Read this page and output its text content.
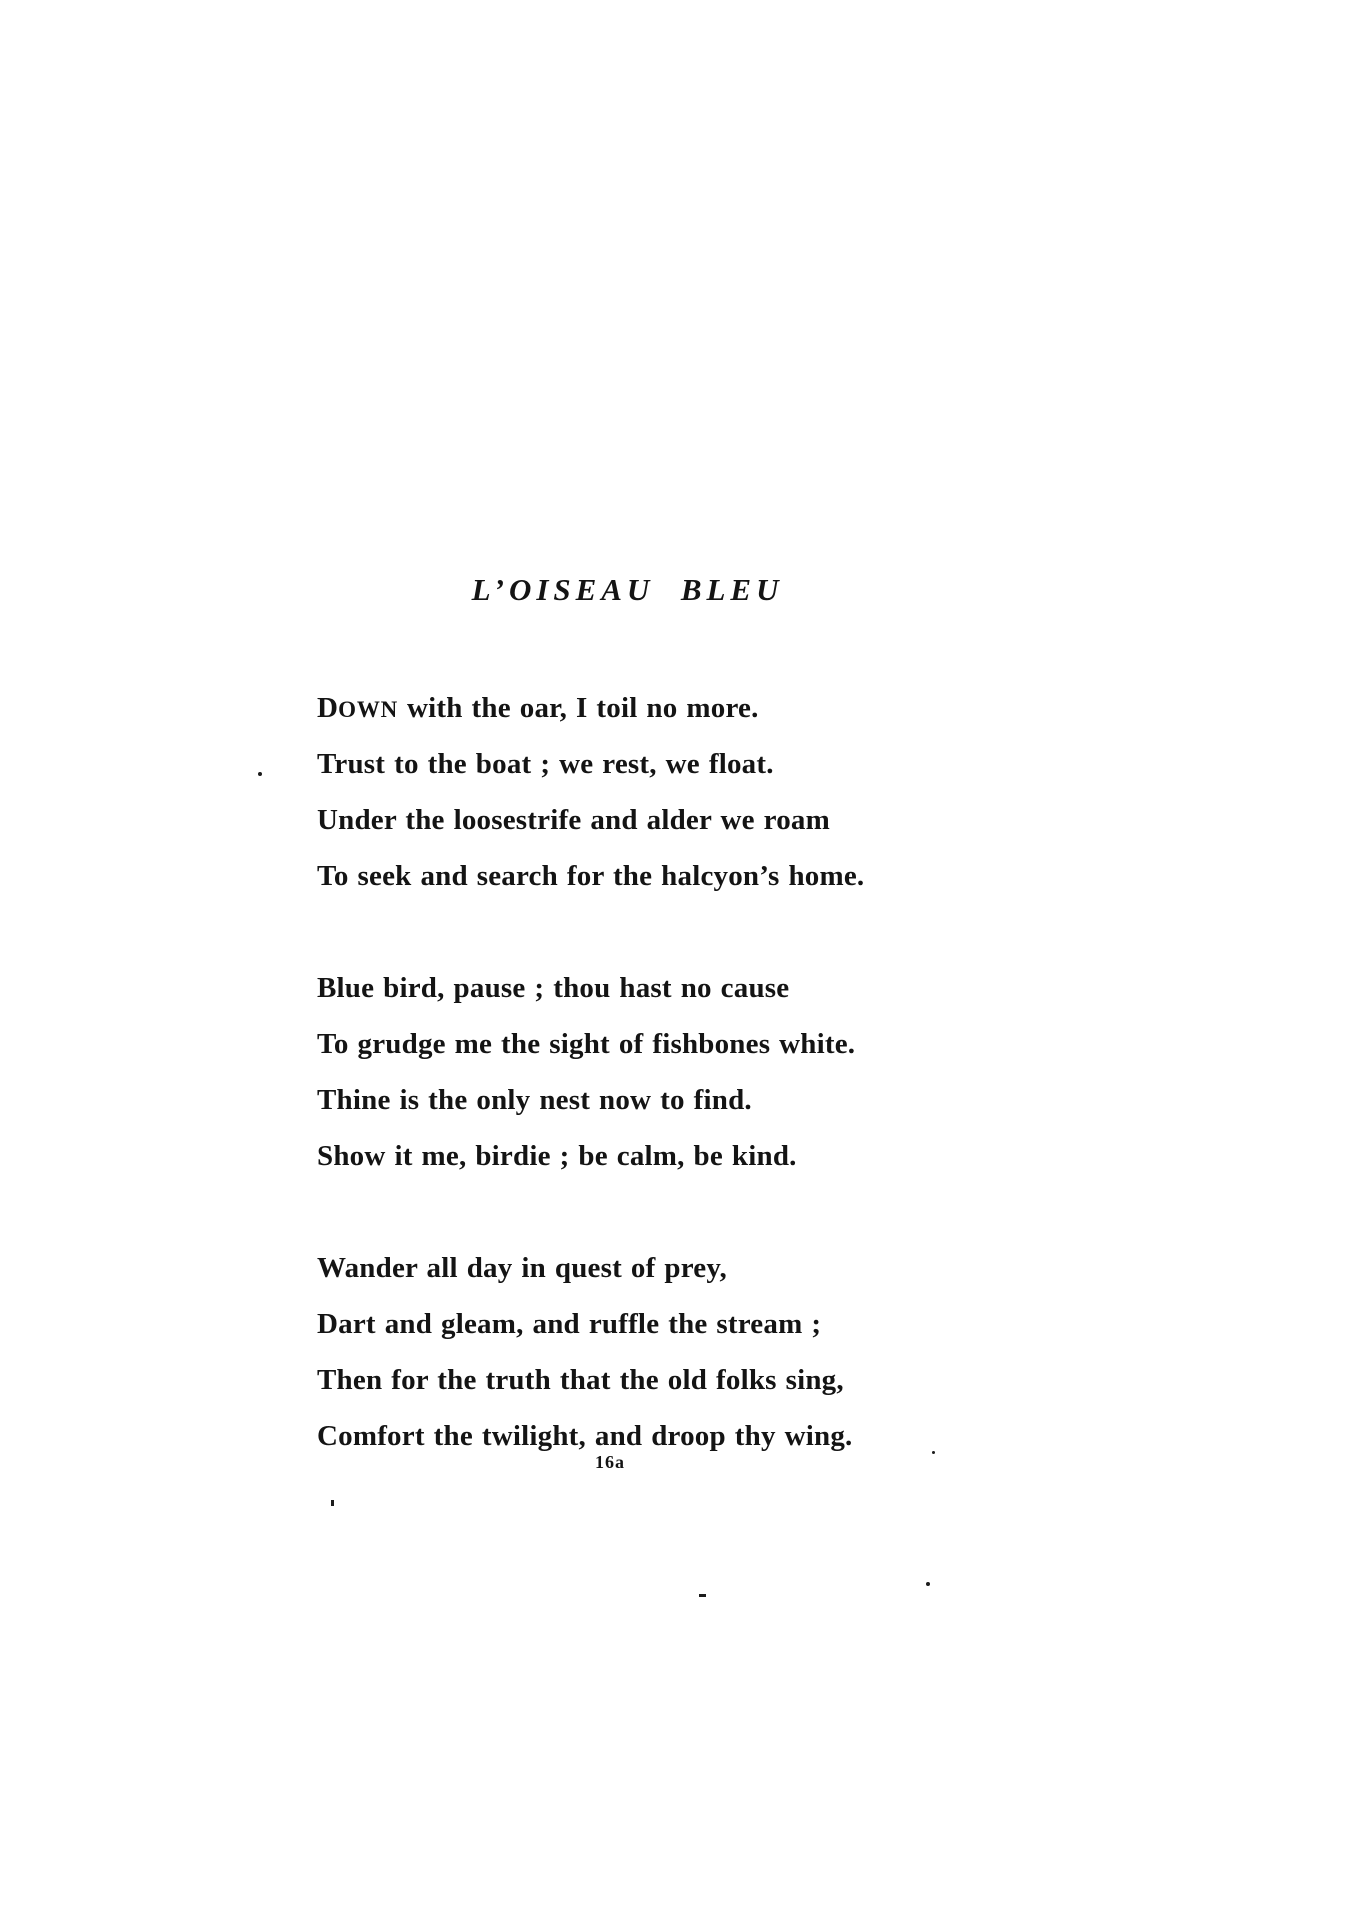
L’OISEAU BLEU

DOWN with the oar, I toil no more.

Trust to the boat ; we rest, we float.

Under the loosestrife and alder we roam

To seek and search for the halcyon’s home.

Blue bird, pause ; thou hast no cause

To grudge me the sight of fishbones white.

Thine is the only nest now to find.

Show it me, birdie ; be calm, be kind.

Wander all day in quest of prey,

Dart and gleam, and ruffle the stream ;

Then for the truth that the old folks sing,

Comfort the twilight, and droop thy wing.

16a
